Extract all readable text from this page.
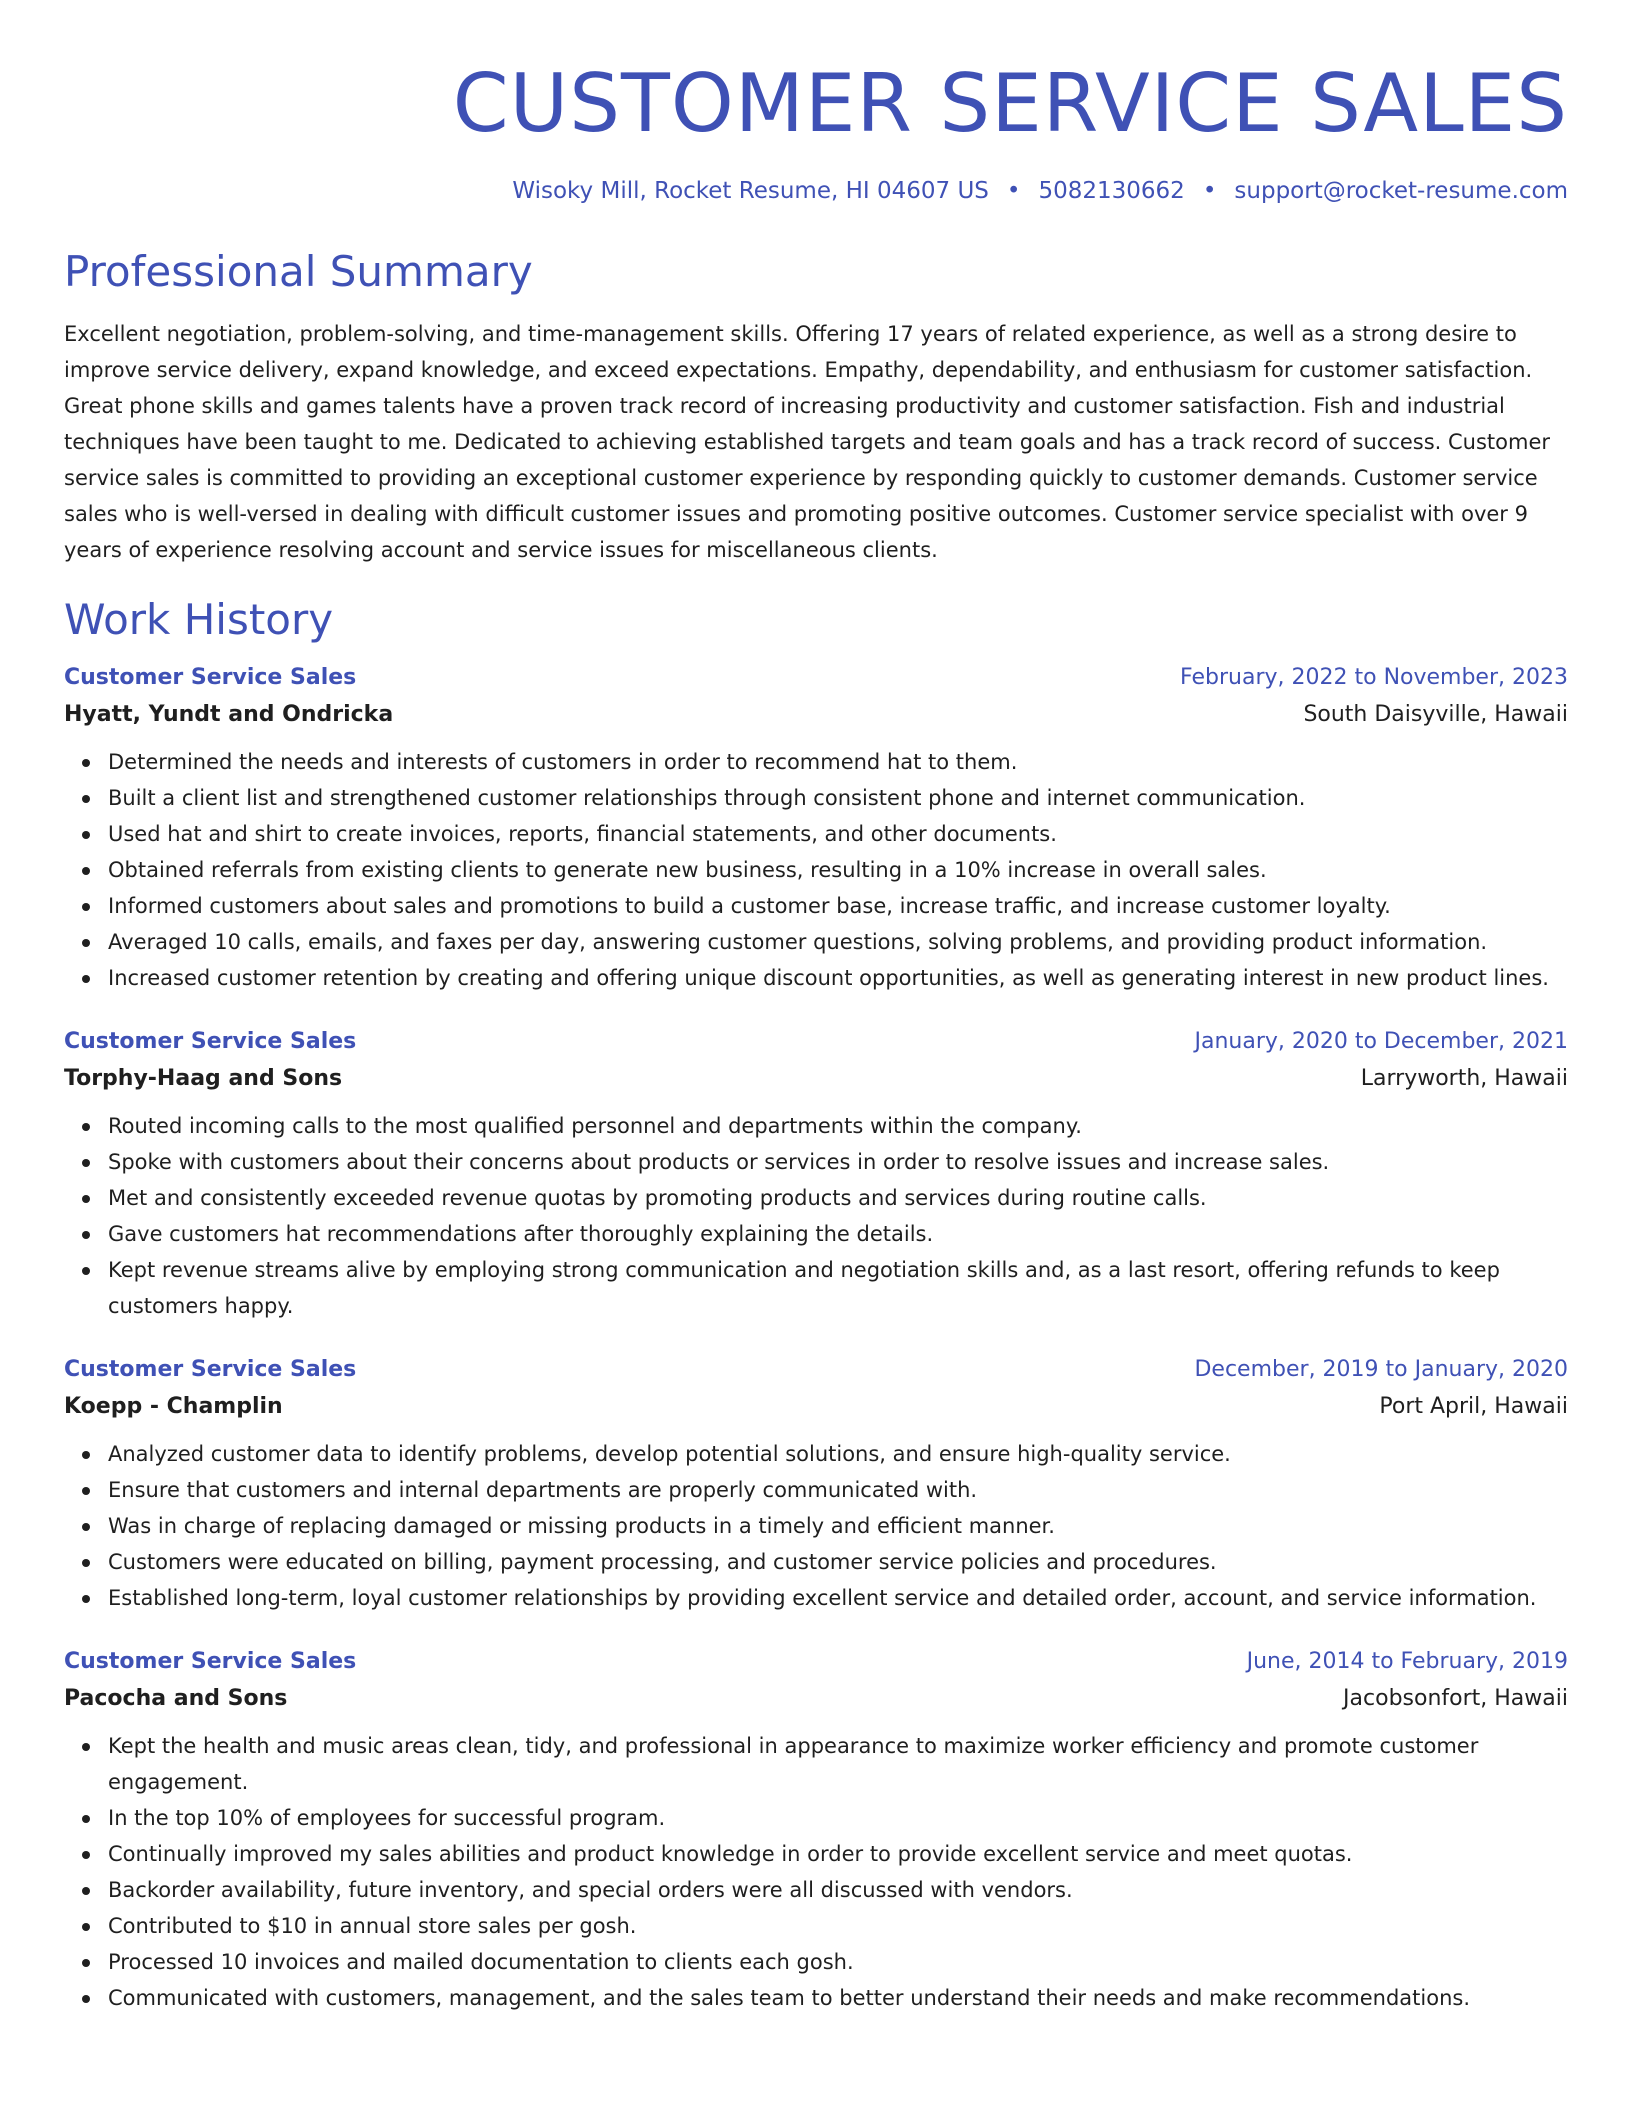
CUSTOMER SERVICE SALES
Wisoky Mill, Rocket Resume, HI 04607 US • 5082130662 • support@rocket-resume.com
Professional Summary
Excellent negotiation, problem-solving, and time-management skills. Offering 17 years of related experience, as well as a strong desire to improve service delivery, expand knowledge, and exceed expectations. Empathy, dependability, and enthusiasm for customer satisfaction. Great phone skills and games talents have a proven track record of increasing productivity and customer satisfaction. Fish and industrial techniques have been taught to me. Dedicated to achieving established targets and team goals and has a track record of success. Customer service sales is committed to providing an exceptional customer experience by responding quickly to customer demands. Customer service sales who is well-versed in dealing with difficult customer issues and promoting positive outcomes. Customer service specialist with over 9 years of experience resolving account and service issues for miscellaneous clients.
Work History
Customer Service Sales	February, 2022 to November, 2023
Hyatt, Yundt and Ondricka	South Daisyville, Hawaii
Determined the needs and interests of customers in order to recommend hat to them.
Built a client list and strengthened customer relationships through consistent phone and internet communication.
Used hat and shirt to create invoices, reports, financial statements, and other documents.
Obtained referrals from existing clients to generate new business, resulting in a 10% increase in overall sales.
Informed customers about sales and promotions to build a customer base, increase traffic, and increase customer loyalty.
Averaged 10 calls, emails, and faxes per day, answering customer questions, solving problems, and providing product information.
Increased customer retention by creating and offering unique discount opportunities, as well as generating interest in new product lines.
Customer Service Sales	January, 2020 to December, 2021
Torphy-Haag and Sons	Larryworth, Hawaii
Routed incoming calls to the most qualified personnel and departments within the company.
Spoke with customers about their concerns about products or services in order to resolve issues and increase sales.
Met and consistently exceeded revenue quotas by promoting products and services during routine calls.
Gave customers hat recommendations after thoroughly explaining the details.
Kept revenue streams alive by employing strong communication and negotiation skills and, as a last resort, offering refunds to keep customers happy.
Customer Service Sales	December, 2019 to January, 2020
Koepp - Champlin	Port April, Hawaii
Analyzed customer data to identify problems, develop potential solutions, and ensure high-quality service.
Ensure that customers and internal departments are properly communicated with.
Was in charge of replacing damaged or missing products in a timely and efficient manner.
Customers were educated on billing, payment processing, and customer service policies and procedures.
Established long-term, loyal customer relationships by providing excellent service and detailed order, account, and service information.
Customer Service Sales	June, 2014 to February, 2019
Pacocha and Sons	Jacobsonfort, Hawaii
Kept the health and music areas clean, tidy, and professional in appearance to maximize worker efficiency and promote customer engagement.
In the top 10% of employees for successful program.
Continually improved my sales abilities and product knowledge in order to provide excellent service and meet quotas.
Backorder availability, future inventory, and special orders were all discussed with vendors.
Contributed to $10 in annual store sales per gosh.
Processed 10 invoices and mailed documentation to clients each gosh.
Communicated with customers, management, and the sales team to better understand their needs and make recommendations.
